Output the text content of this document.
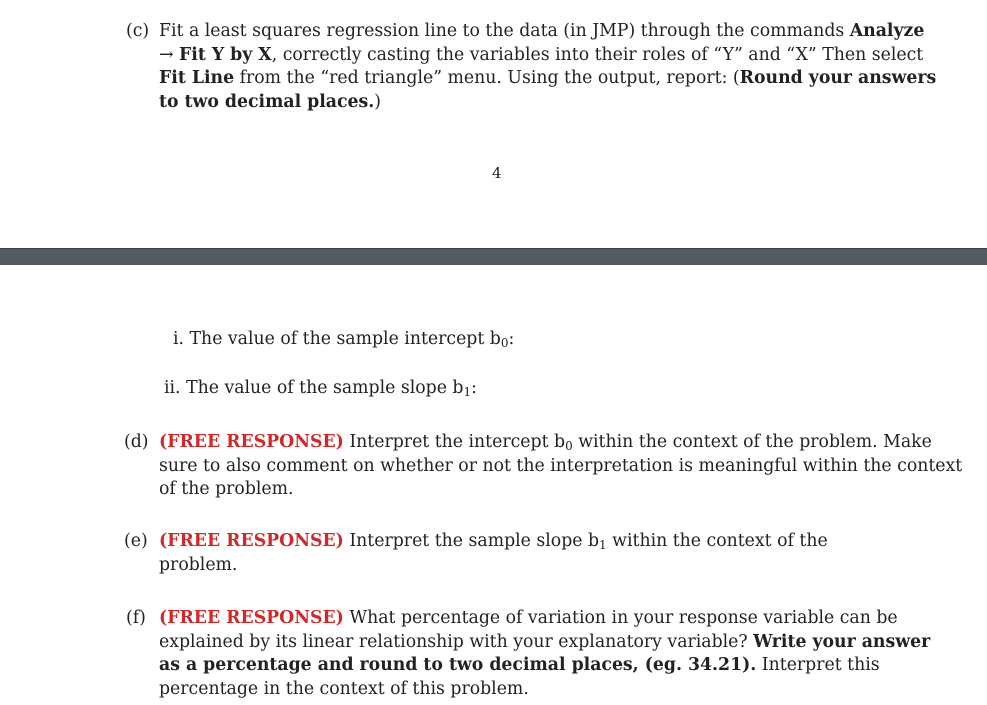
(c) Fit a least squares regression line to the data (in JMP) through the commands Analyze
→ Fit Y by X, correctly casting the variables into their roles of “Y” and “X” Then select
Fit Line from the “red triangle” menu. Using the output, report: (Round your answers
to two decimal places.)
4
i. The value of the sample intercept $b_0$:
ii. The value of the sample slope $b_1$:
(d) (FREE RESPONSE) Interpret the intercept $b_0$ within the context of the problem. Make
sure to also comment on whether or not the interpretation is meaningful within the context
of the problem.
(e) (FREE RESPONSE) Interpret the sample slope $b_1$ within the context of the
problem.
(f) (FREE RESPONSE) What percentage of variation in your response variable can be
explained by its linear relationship with your explanatory variable? Write your answer
as a percentage and round to two decimal places, (eg. 34.21). Interpret this
percentage in the context of this problem.
